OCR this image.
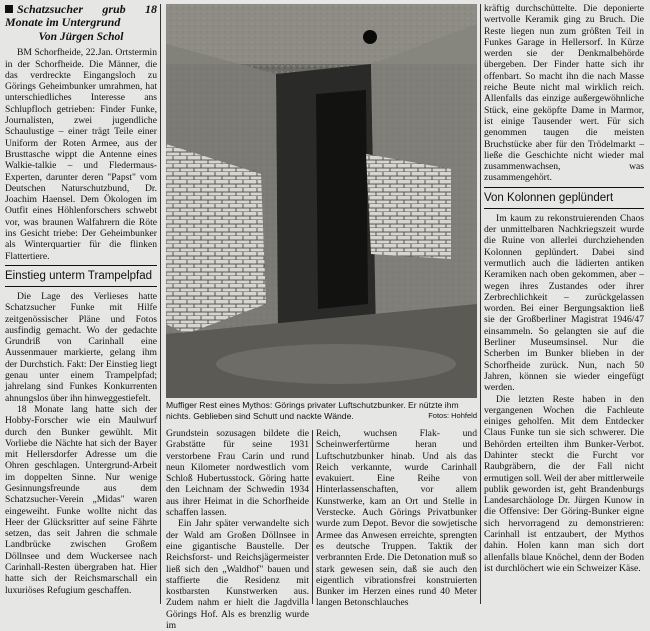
Schatzsucher grub 18 Monate im Untergrund
Von Jürgen Schol

BM Schorfheide, 22.Jan. Ortstermin in der Schorfheide. Die Männer, die das verdreckte Eingangsloch zu Görings Geheimbunker umrahmen, hat unterschiedliches Interesse ans Schlupfloch getrieben: Finder Funke, Journalisten, zwei jugendliche Schaulustige – einer trägt Teile einer Uniform der Roten Armee, aus der Brusttasche wippt die Antenne eines Walkie-talkie – und Fledermaus-Experten, darunter deren "Papst" vom Deutschen Naturschutzbund, Dr. Joachim Haensel. Dem Ökologen im Outfit eines Höhlenforschers schwebt vor, was braunen Walfahrern die Röte ins Gesicht triebe: Der Geheimbunker als Winterquartier für die flinken Flattertiere.

Einstieg unterm Trampelpfad

Die Lage des Verlieses hatte Schatzsucher Funke mit Hilfe zeitgenössischer Pläne und Fotos ausfindig gemacht. Wo der gedachte Grundriß von Carinhall eine Aussenmauer markierte, gelang ihm der Durchstich. Fakt: Der Einstieg liegt genau unter einem Trampelpfad; jahrelang sind Funkes Konkurrenten ahnungslos über ihn hinweggestiefelt.

18 Monate lang hatte sich der Hobby-Forscher wie ein Maulwurf durch den Bunker gewühlt. Mit Vorliebe die Nächte hat sich der Bayer mit Hellersdorfer Adresse um die Ohren geschlagen. Untergrund-Arbeit im doppelten Sinne. Nur wenige Gesinnungsfreunde aus dem Schatzsucher-Verein „Midas" waren eingeweiht. Funke wollte nicht das Heer der Glücksritter auf seine Fährte setzen, das seit Jahren die schmale Landbrücke zwischen Großem Döllnsee und dem Wuckersee nach Carinhall-Resten übergraben hat. Hier hatte sich der Reichsmarschall ein luxuriöses Refugium geschaffen.

Muffiger Rest eines Mythos: Görings privater Luftschutzbunker. Er nützte ihm nichts. Geblieben sind Schutt und nackte Wände.	Fotos: Hohfeld

Grundstein sozusagen bildete die Grabstätte für seine 1931 verstorbene Frau Carin und rund neun Kilometer nordwestlich vom Schloß Hubertusstock. Göring hatte den Leichnam der Schwedin 1934 aus ihrer Heimat in die Schorfheide schaffen lassen.

Ein Jahr später verwandelte sich der Wald am Großen Döllnsee in eine gigantische Baustelle. Der Reichsforst- und Reichsjägermeister ließ sich den „Waldhof" bauen und staffierte die Residenz mit kostbarsten Kunstwerken aus. Zudem nahm er hielt die Jagdvilla Görings Hof. Als es brenzlig wurde im

Reich, wuchsen Flak- und Scheinwerfertürme heran und Luftschutzbunker hinab. Und als das Reich verkannte, wurde Carinhall evakuiert. Eine Reihe von Hinterlassenschaften, vor allem Kunstwerke, kam an Ort und Stelle in Verstecke. Auch Görings Privatbunker wurde zum Depot. Bevor die sowjetische Armee das Anwesen erreichte, sprengten es deutsche Truppen. Taktik der verbrannten Erde. Die Detonation muß so stark gewesen sein, daß sie auch den eigentlich vibrationsfrei konstruierten Bunker im Herzen eines rund 40 Meter langen Betonschlauches

kräftig durchschüttelte. Die deponierte wertvolle Keramik ging zu Bruch. Die Reste liegen nun zum größten Teil in Funkes Garage in Hellersorf. In Kürze werden sie der Denkmalbehörde übergeben. Der Finder hatte sich ihr offenbart. So macht ihn die nach Masse reiche Beute nicht mal wirklich reich. Allenfalls das einzige außergewöhnliche Stück, eine geköpfte Dame in Marmor, ist einige Tausender wert. Für sich genommen taugen die meisten Bruchstücke aber für den Trödelmarkt – ließe die Geschichte nicht wieder mal zusammenwachsen, was zusammengehört.

Von Kolonnen geplündert

Im kaum zu rekonstruierenden Chaos der unmittelbaren Nachkriegszeit wurde die Ruine von allerlei durchziehenden Kolonnen geplündert. Dabei sind vermutlich auch die lädierten antiken Keramiken nach oben gekommen, aber – wegen ihres Zustandes oder ihrer Zerbrechlichkeit – zurückgelassen worden. Bei einer Bergungsaktion ließ sie der Großberliner Magistrat 1946/47 einsammeln. So gelangten sie auf die Berliner Museumsinsel. Nur die Scherben im Bunker blieben in der Schorfheide zurück. Nun, nach 50 Jahren, können sie wieder eingefügt werden.

Die letzten Reste haben in den vergangenen Wochen die Fachleute einiges geholfen. Mit dem Entdecker Claus Funke tun sie sich schwerer. Die Behörden erteilten ihm Bunker-Verbot. Dahinter steckt die Furcht vor Raubgräbern, die der Fall nicht ermutigen soll. Weil der aber mittlerweile publik geworden ist, geht Brandenburgs Landesarchäologe Dr. Jürgen Kunow in die Offensive: Der Göring-Bunker eigne sich hervorragend zu demonstrieren: Carinhall ist entzaubert, der Mythos dahin. Holen kann man sich dort allenfalls blaue Knöchel, denn der Boden ist durchlöchert wie ein Schweizer Käse.
